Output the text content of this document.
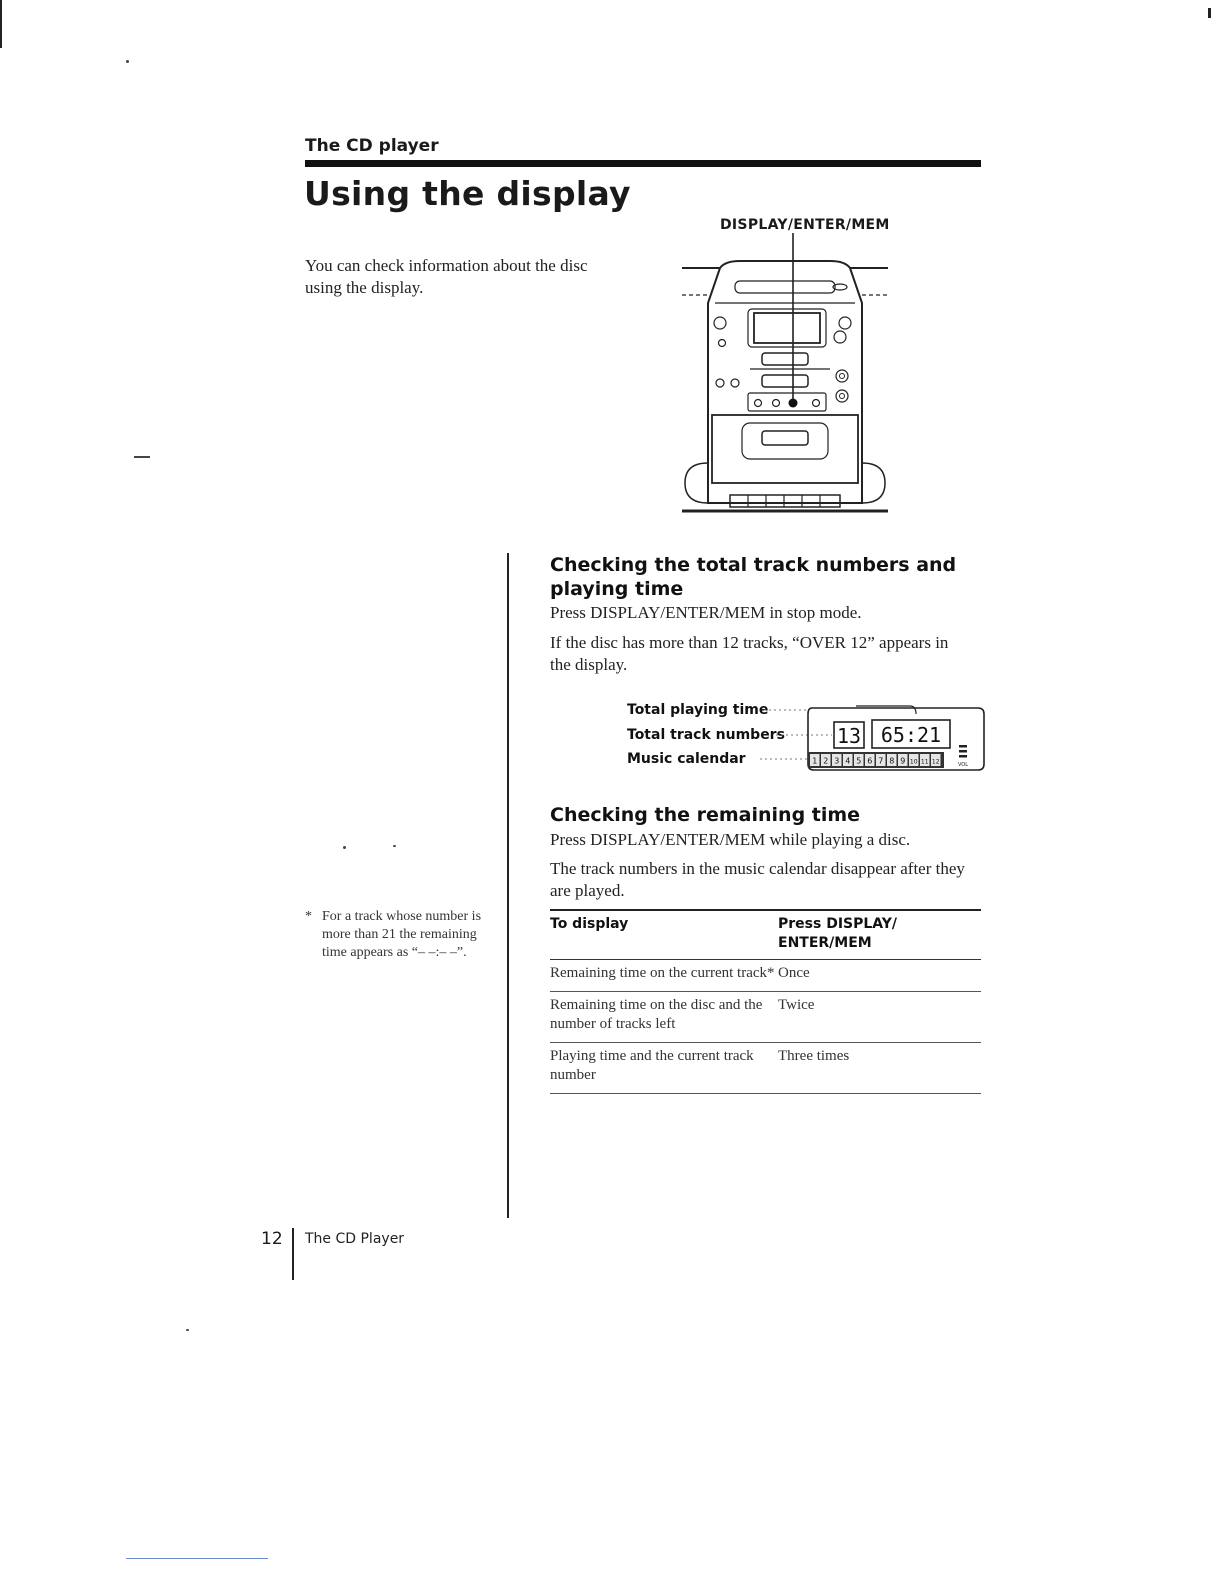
The CD player
Using the display
You can check information about the disc using the display.
DISPLAY/ENTER/MEM
Checking the total track numbers and playing time
Press DISPLAY/ENTER/MEM in stop mode.
If the disc has more than 12 tracks, “OVER 12” appears in the display.
Total playing time
Total track numbers
Music calendar
13 65:21
1 2 3 4 5 6 7 8 9 10 11 12	VOL
Checking the remaining time
Press DISPLAY/ENTER/MEM while playing a disc.
The track numbers in the music calendar disappear after they are played.
To display	Press DISPLAY/ ENTER/MEM
Remaining time on the current track*	Once
Remaining time on the disc and the number of tracks left	Twice
Playing time and the current track number	Three times
* For a track whose number is more than 21 the remaining time appears as “– –:– –”.
12 The CD Player
